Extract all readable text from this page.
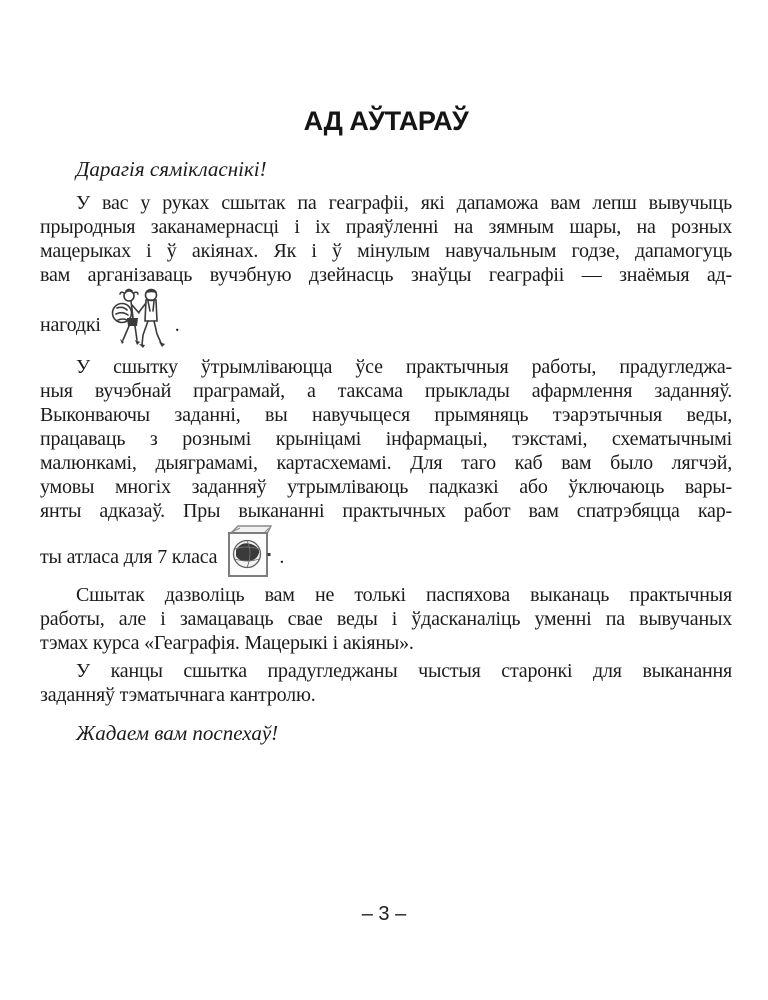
АД АЎТАРАЎ

Дарагія сямікласнікі!

У вас у руках сшытак па геаграфіі, які дапаможа вам лепш вывучыць
прыродныя заканамернасці і іх праяўленні на зямным шары, на розных
мацерыках і ў акіянах. Як і ў мінулым навучальным годзе, дапамогуць
вам арганізаваць вучэбную дзейнасць знаўцы геаграфіі — знаёмыя ад-
нагодкі	.
У сшытку ўтрымліваюцца ўсе практычныя работы, прадугледжа-
ныя вучэбнай праграмай, а таксама прыклады афармлення заданняў.
Выконваючы заданні, вы навучыцеся прымяняць тэарэтычныя веды,
працаваць з рознымі крыніцамі інфармацыі, тэкстамі, схематычнымі
малюнкамі, дыяграмамі, картасхемамі. Для таго каб вам было лягчэй,
умовы многіх заданняў утрымліваюць падказкі або ўключаюць вары-
янты адказаў. Пры выкананні практычных работ вам спатрэбяцца кар-
ты атласа для 7 класа	.
Сшытак дазволіць вам не толькі паспяхова выканаць практычныя
работы, але і замацаваць свае веды і ўдасканаліць уменні па вывучаных
тэмах курса «Геаграфія. Мацерыкі і акіяны».
У канцы сшытка прадугледжаны чыстыя старонкі для выканання
заданняў тэматычнага кантролю.

Жадаем вам поспехаў!

– 3 –
